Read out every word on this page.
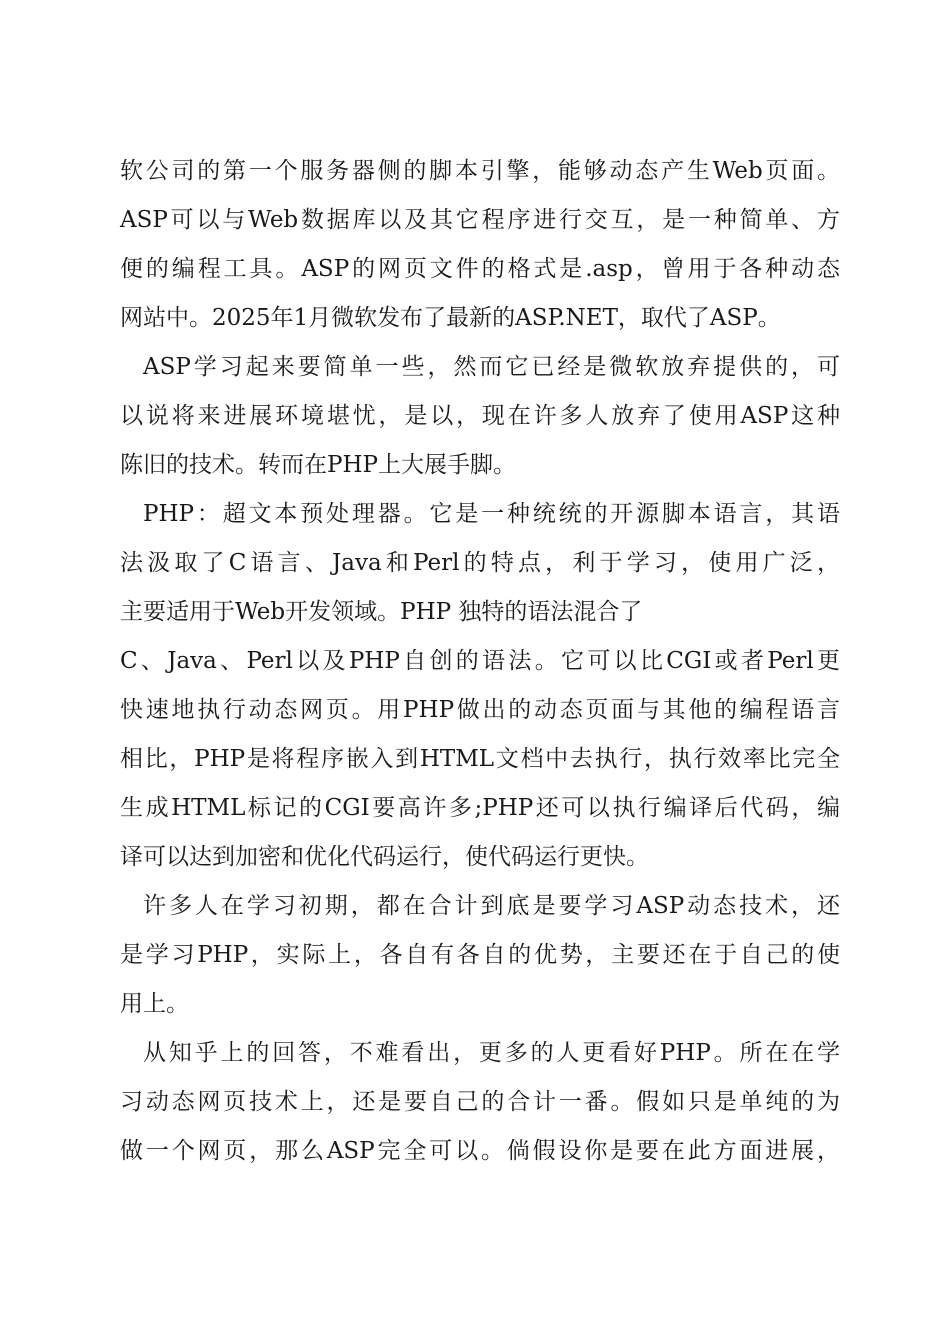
软公司的第一个服务器侧的脚本引擎，能够动态产生Web页面。
ASP可以与Web数据库以及其它程序进行交互，是一种简单、方
便的编程工具。ASP的网页文件的格式是.asp，曾用于各种动态
网站中。2025年1月微软发布了最新的ASP.NET，取代了ASP。
ASP学习起来要简单一些，然而它已经是微软放弃提供的，可
以说将来进展环境堪忧，是以，现在许多人放弃了使用ASP这种
陈旧的技术。转而在PHP上大展手脚。
PHP：超文本预处理器。它是一种统统的开源脚本语言，其语
法汲取了C语言、Java和Perl的特点，利于学习，使用广泛，
主要适用于Web开发领域。PHP 独特的语法混合了
C、Java、Perl以及PHP自创的语法。它可以比CGI或者Perl更
快速地执行动态网页。用PHP做出的动态页面与其他的编程语言
相比，PHP是将程序嵌入到HTML文档中去执行，执行效率比完全
生成HTML标记的CGI要高许多;PHP还可以执行编译后代码，编
译可以达到加密和优化代码运行，使代码运行更快。
许多人在学习初期，都在合计到底是要学习ASP动态技术，还
是学习PHP，实际上，各自有各自的优势，主要还在于自己的使
用上。
从知乎上的回答，不难看出，更多的人更看好PHP。所在在学
习动态网页技术上，还是要自己的合计一番。假如只是单纯的为
做一个网页，那么ASP完全可以。倘假设你是要在此方面进展，
